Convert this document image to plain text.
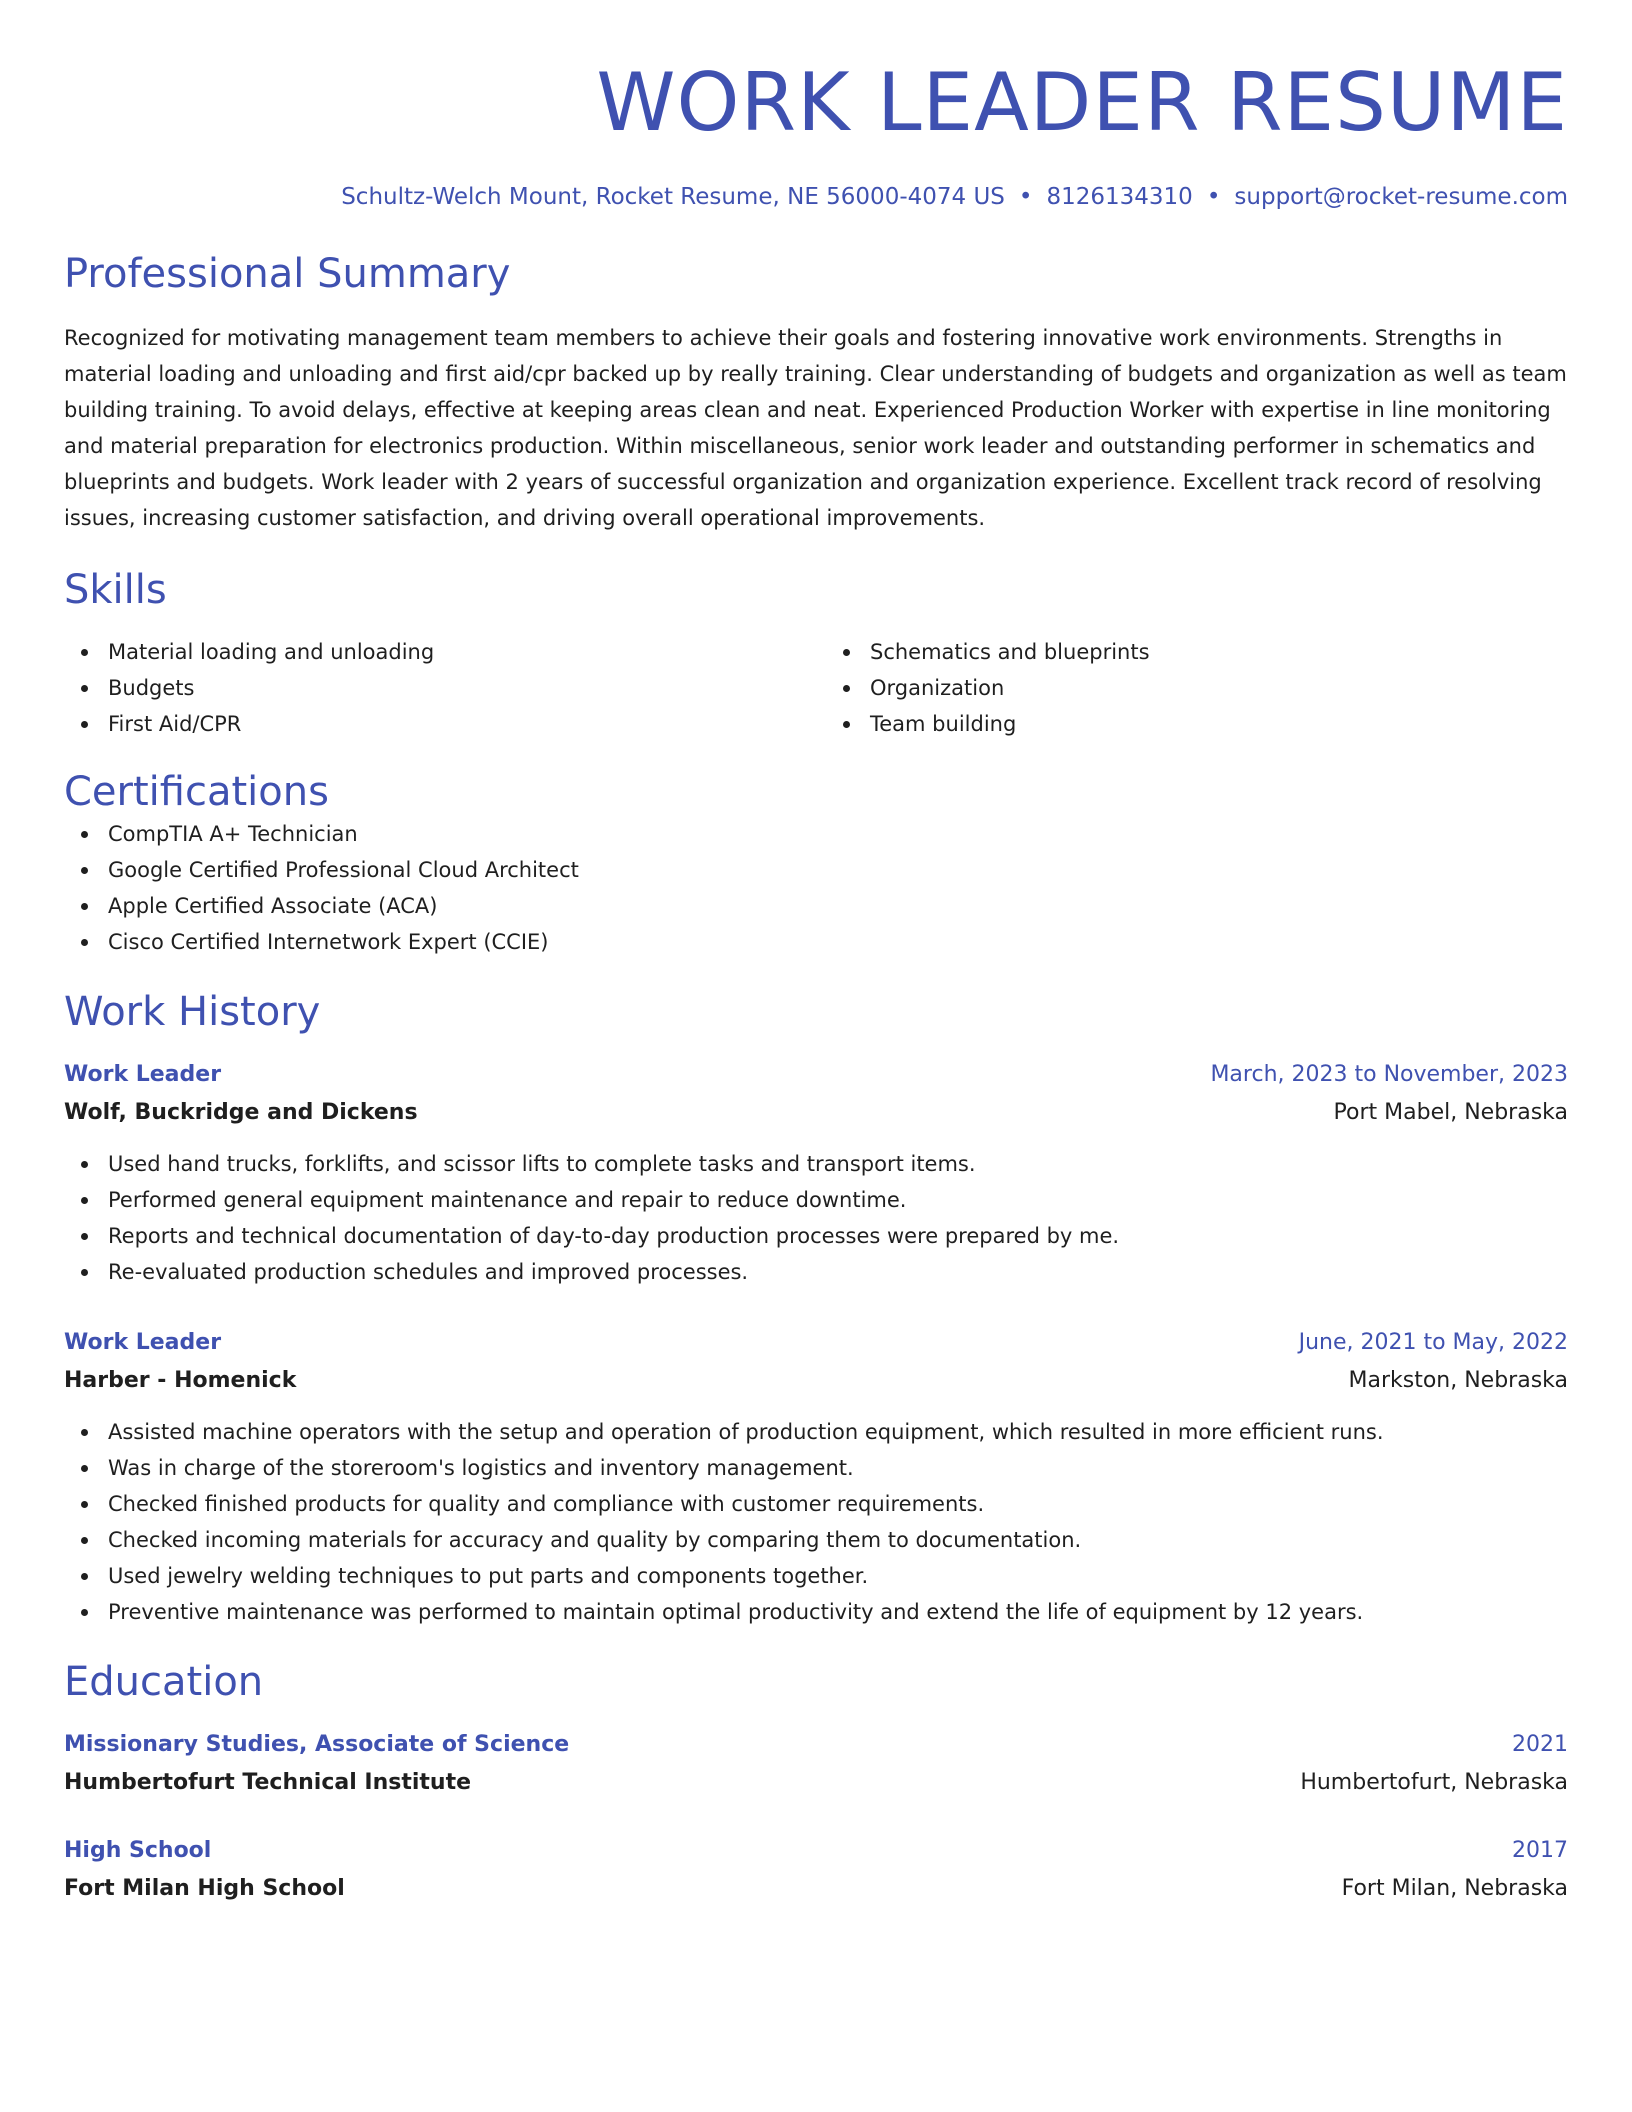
WORK LEADER RESUME
Schultz-Welch Mount, Rocket Resume, NE 56000-4074 US • 8126134310 • support@rocket-resume.com
Professional Summary
Recognized for motivating management team members to achieve their goals and fostering innovative work environments. Strengths in material loading and unloading and first aid/cpr backed up by really training. Clear understanding of budgets and organization as well as team building training. To avoid delays, effective at keeping areas clean and neat. Experienced Production Worker with expertise in line monitoring and material preparation for electronics production. Within miscellaneous, senior work leader and outstanding performer in schematics and blueprints and budgets. Work leader with 2 years of successful organization and organization experience. Excellent track record of resolving issues, increasing customer satisfaction, and driving overall operational improvements.
Skills
Material loading and unloading
Budgets
First Aid/CPR
Schematics and blueprints
Organization
Team building
Certifications
CompTIA A+ Technician
Google Certified Professional Cloud Architect
Apple Certified Associate (ACA)
Cisco Certified Internetwork Expert (CCIE)
Work History
Work Leader	March, 2023 to November, 2023
Wolf, Buckridge and Dickens	Port Mabel, Nebraska
Used hand trucks, forklifts, and scissor lifts to complete tasks and transport items.
Performed general equipment maintenance and repair to reduce downtime.
Reports and technical documentation of day-to-day production processes were prepared by me.
Re-evaluated production schedules and improved processes.
Work Leader	June, 2021 to May, 2022
Harber - Homenick	Markston, Nebraska
Assisted machine operators with the setup and operation of production equipment, which resulted in more efficient runs.
Was in charge of the storeroom's logistics and inventory management.
Checked finished products for quality and compliance with customer requirements.
Checked incoming materials for accuracy and quality by comparing them to documentation.
Used jewelry welding techniques to put parts and components together.
Preventive maintenance was performed to maintain optimal productivity and extend the life of equipment by 12 years.
Education
Missionary Studies, Associate of Science	2021
Humbertofurt Technical Institute	Humbertofurt, Nebraska
High School	2017
Fort Milan High School	Fort Milan, Nebraska
